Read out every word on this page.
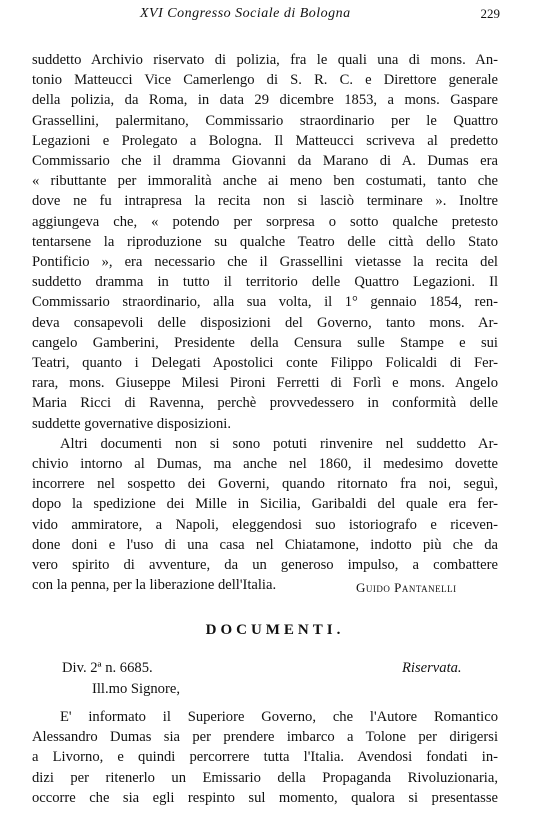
XVI Congresso Sociale di Bologna	229
suddetto Archivio riservato di polizia, fra le quali una di mons. An-
tonio Matteucci Vice Camerlengo di S. R. C. e Direttore generale
della polizia, da Roma, in data 29 dicembre 1853, a mons. Gaspare
Grassellini, palermitano, Commissario straordinario per le Quattro
Legazioni e Prolegato a Bologna. Il Matteucci scriveva al predetto
Commissario che il dramma Giovanni da Marano di A. Dumas era
« ributtante per immoralità anche ai meno ben costumati, tanto che
dove ne fu intrapresa la recita non si lasciò terminare ». Inoltre
aggiungeva che, « potendo per sorpresa o sotto qualche pretesto
tentarsene la riproduzione su qualche Teatro delle città dello Stato
Pontificio », era necessario che il Grassellini vietasse la recita del
suddetto dramma in tutto il territorio delle Quattro Legazioni. Il
Commissario straordinario, alla sua volta, il 1° gennaio 1854, ren-
deva consapevoli delle disposizioni del Governo, tanto mons. Ar-
cangelo Gamberini, Presidente della Censura sulle Stampe e sui
Teatri, quanto i Delegati Apostolici conte Filippo Folicaldi di Fer-
rara, mons. Giuseppe Milesi Pironi Ferretti di Forlì e mons. Angelo
Maria Ricci di Ravenna, perchè provvedessero in conformità delle
suddette governative disposizioni.
Altri documenti non si sono potuti rinvenire nel suddetto Ar-
chivio intorno al Dumas, ma anche nel 1860, il medesimo dovette
incorrere nel sospetto dei Governi, quando ritornato fra noi, seguì,
dopo la spedizione dei Mille in Sicilia, Garibaldi del quale era fer-
vido ammiratore, a Napoli, eleggendosi suo istoriografo e riceven-
done doni e l'uso di una casa nel Chiatamone, indotto più che da
vero spirito di avventure, da un generoso impulso, a combattere
con la penna, per la liberazione dell'Italia.	Guido Pantanelli
DOCUMENTI.
Div. 2ª n. 6685.	Riservata.
Ill.mo Signore,
E' informato il Superiore Governo, che l'Autore Romantico
Alessandro Dumas sia per prendere imbarco a Tolone per dirigersi
a Livorno, e quindi percorrere tutta l'Italia. Avendosi fondati in-
dizi per ritenerlo un Emissario della Propaganda Rivoluzionaria,
occorre che sia egli respinto sul momento, qualora si presentasse
